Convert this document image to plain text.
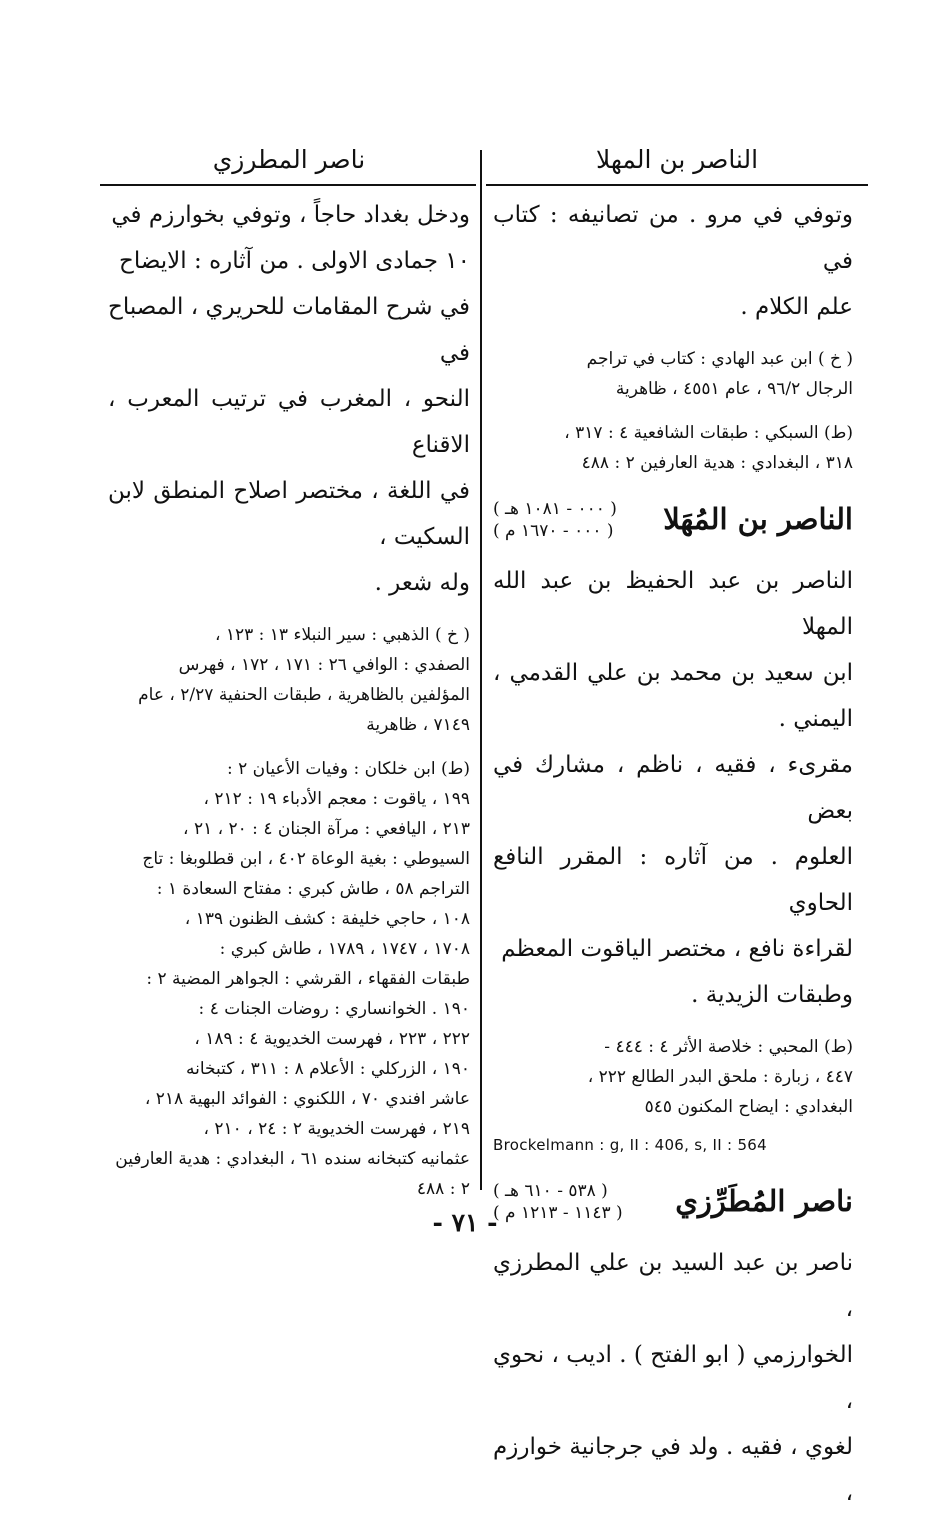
الناصر بن المهلا
ناصر المطرزي

وتوفي في مرو . من تصانيفه : كتاب في

علم الكلام .

( خ ) ابن عبد الهادي : كتاب في تراجم

الرجال ٩٦/٢ ، عام ٤٥٥١ ، ظاهرية

(ط) السبكي : طبقات الشافعية ٤ : ٣١٧ ،

٣١٨ ، البغدادي : هدية العارفين ٢ : ٤٨٨

الناصر بن المُهَلا
( ٠٠٠ - ١٠٨١ هـ )
( ٠٠٠ - ١٦٧٠ م )

الناصر بن عبد الحفيظ بن عبد الله المهلا

ابن سعيد بن محمد بن علي القدمي ، اليمني .

مقرىء ، فقيه ، ناظم ، مشارك في بعض

العلوم . من آثاره : المقرر النافع الحاوي

لقراءة نافع ، مختصر الياقوت المعظم

وطبقات الزيدية .

(ط) المحبي : خلاصة الأثر ٤ : ٤٤٤ -

٤٤٧ ، زبارة : ملحق البدر الطالع ٢٢٢ ،

البغدادي : ايضاح المكنون ٥٤٥

Brockelmann : g, II : 406, s, II : 564

ناصر المُطَرِّزي
( ٥٣٨ - ٦١٠ هـ )
( ١١٤٣ - ١٢١٣ م )

ناصر بن عبد السيد بن علي المطرزي ،

الخوارزمي ( ابو الفتح ) . اديب ، نحوي ،

لغوي ، فقيه . ولد في جرجانية خوارزم ،

ودخل بغداد حاجاً ، وتوفي بخوارزم في

١٠ جمادى الاولى . من آثاره : الايضاح

في شرح المقامات للحريري ، المصباح في

النحو ، المغرب في ترتيب المعرب ، الاقناع

في اللغة ، مختصر اصلاح المنطق لابن السكيت ،

وله شعر .

( خ ) الذهبي : سير النبلاء ١٣ : ١٢٣ ،

الصفدي : الوافي ٢٦ : ١٧١ ، ١٧٢ ، فهرس

المؤلفين بالظاهرية ، طبقات الحنفية ٢/٢٧ ، عام

٧١٤٩ ، ظاهرية

(ط) ابن خلكان : وفيات الأعيان ٢ :

١٩٩ ، ياقوت : معجم الأدباء ١٩ : ٢١٢ ،

٢١٣ ، اليافعي : مرآة الجنان ٤ : ٢٠ ، ٢١ ،

السيوطي : بغية الوعاة ٤٠٢ ، ابن قطلوبغا : تاج

التراجم ٥٨ ، طاش كبري : مفتاح السعادة ١ :

١٠٨ ، حاجي خليفة : كشف الظنون ١٣٩ ،

١٧٠٨ ، ١٧٤٧ ، ١٧٨٩ ، طاش كبري :

طبقات الفقهاء ، القرشي : الجواهر المضية ٢ :

١٩٠ . الخوانساري : روضات الجنات ٤ :

٢٢٢ ، ٢٢٣ ، فهرست الخديوية ٤ : ١٨٩ ،

١٩٠ ، الزركلي : الأعلام ٨ : ٣١١ ، كتبخانه

عاشر افندي ٧٠ ، اللكنوي : الفوائد البهية ٢١٨ ،

٢١٩ ، فهرست الخديوية ٢ : ٢٤ ، ٢١٠ ،

عثمانيه كتبخانه سنده ٦١ ، البغدادي : هدية العارفين

٢ : ٤٨٨

- ٧١ -
